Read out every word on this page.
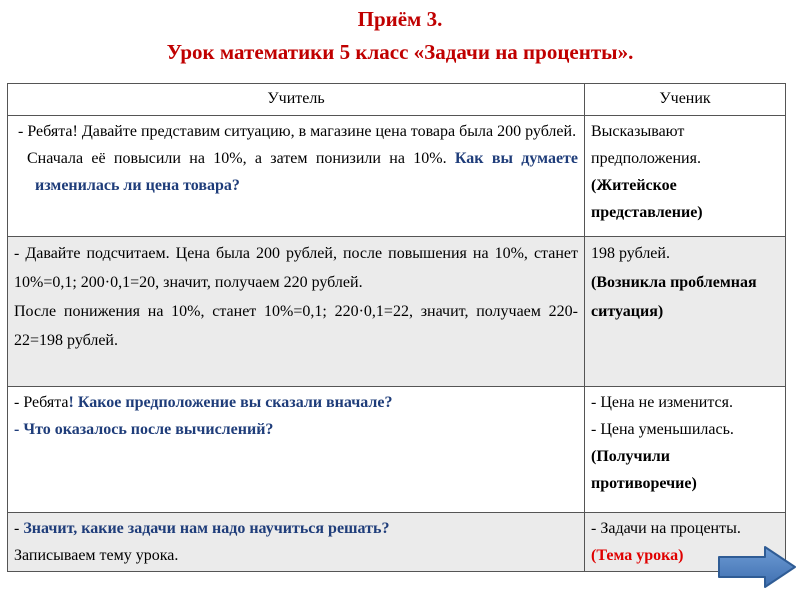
Приём 3.
Урок математики 5 класс «Задачи на проценты».
Учитель	Ученик

- Ребята! Давайте представим ситуацию, в магазине цена товара была 200 рублей.
Сначала её повысили на 10%, а затем понизили на 10%. Как вы думаете изменилась ли цена товара?	Высказывают предположения.
(Житейское представление)

- Давайте подсчитаем. Цена была 200 рублей, после повышения на 10%, станет 10%=0,1; 200·0,1=20, значит, получаем 220 рублей.
После понижения на 10%, станет 10%=0,1; 220·0,1=22, значит, получаем 220-22=198 рублей.	198 рублей.
(Возникла проблемная ситуация)

- Ребята! Какое предположение вы сказали вначале?
- Что оказалось после вычислений?	- Цена не изменится.
- Цена уменьшилась.
(Получили противоречие)

- Значит, какие задачи нам надо научиться решать?
Записываем тему урока.	- Задачи на проценты.
(Тема урока)
